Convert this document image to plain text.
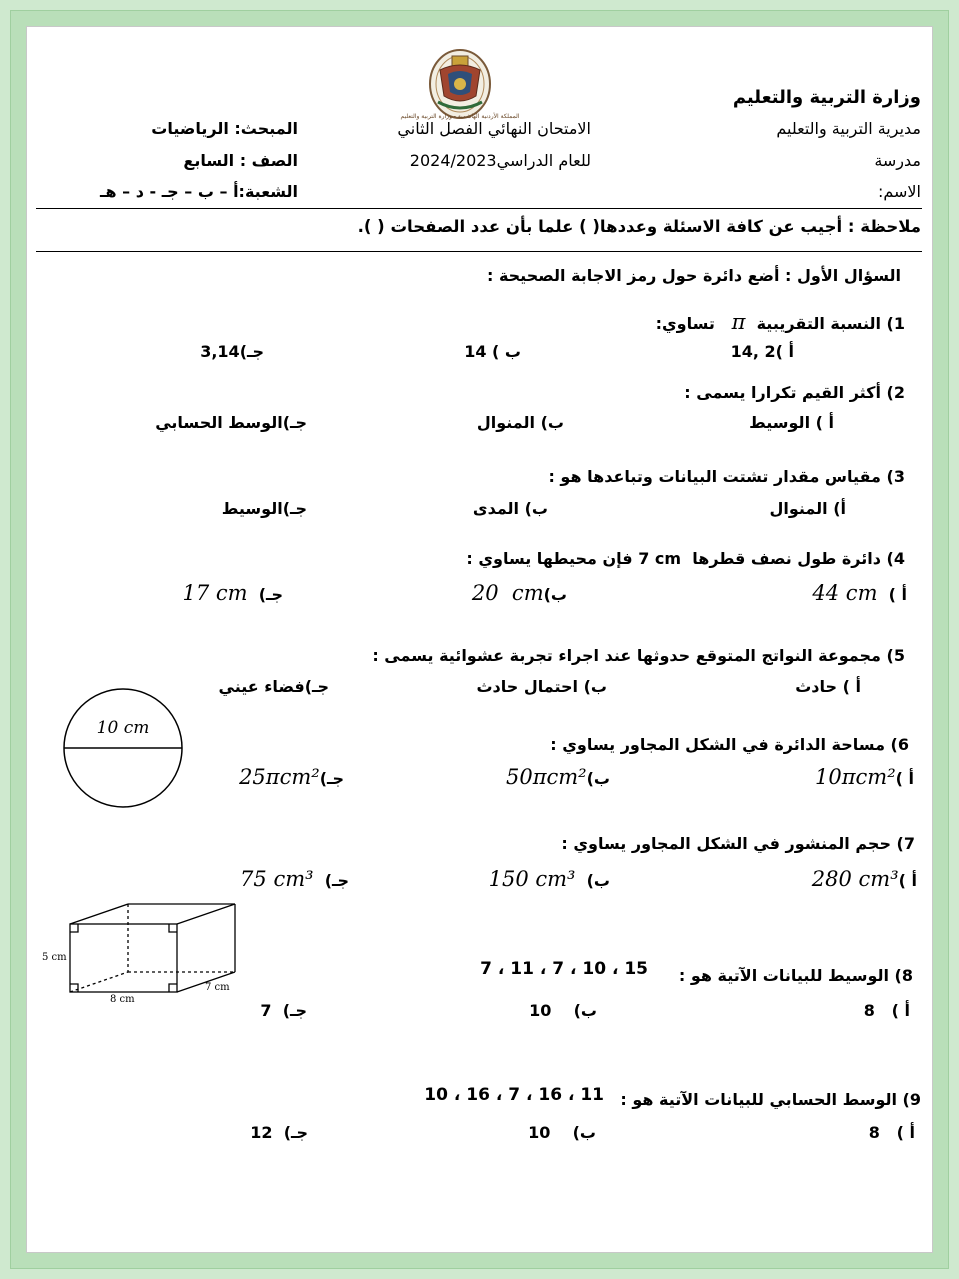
المملكة الأردنية الهاشمية - وزارة التربية والتعليم
وزارة التربية والتعليم
مديرية التربية والتعليم
مدرسة
الاسم:
الامتحان النهائي الفصل الثاني
للعام الدراسي2024/2023
المبحث: الرياضيات
الصف : السابع
الشعبة:أ – ب – جـ - د – هـ
ملاحظة : أجيب عن كافة الاسئلة وعددها( ) علما بأن عدد الصفحات ( ).
السؤال الأول : أضع دائرة حول رمز الاجابة الصحيحة :
1) النسبة التقريبية  π   تساوي:
أ )14, 2
ب ) 14
جـ)3,14
2) أكثر القيم تكرارا يسمى :
أ ) الوسيط
ب) المنوال
جـ)الوسط الحسابي
3) مقياس مقدار تشتت البيانات وتباعدها هو :
أ) المنوال
ب) المدى
جـ)الوسيط
4) دائرة طول نصف قطرها  7 cm فإن محيطها يساوي :
أ )  44 cm
ب)20  cm
جـ)  17 cm
5) مجموعة النواتج المتوقع حدوثها عند اجراء تجربة عشوائية يسمى :
أ ) حادث
ب) احتمال حادث
جـ)فضاء عيني
10 cm
6) مساحة الدائرة في الشكل المجاور يساوي :
أ )10πcm²
ب)50πcm²
جـ)25πcm²
7) حجم المنشور في الشكل المجاور يساوي :
أ )280 cm³
ب)  150 cm³
جـ)  75 cm³
5 cm
8 cm
7 cm
8) الوسيط للبيانات الآتية هو :
15 ، 10 ، 7 ، 11 ، 7
أ )   8
ب)    10
جـ)  7
9) الوسط الحسابي للبيانات الآتية هو :
11 ، 16 ، 7 ، 16 ، 10
أ )   8
ب)    10
جـ)  12
